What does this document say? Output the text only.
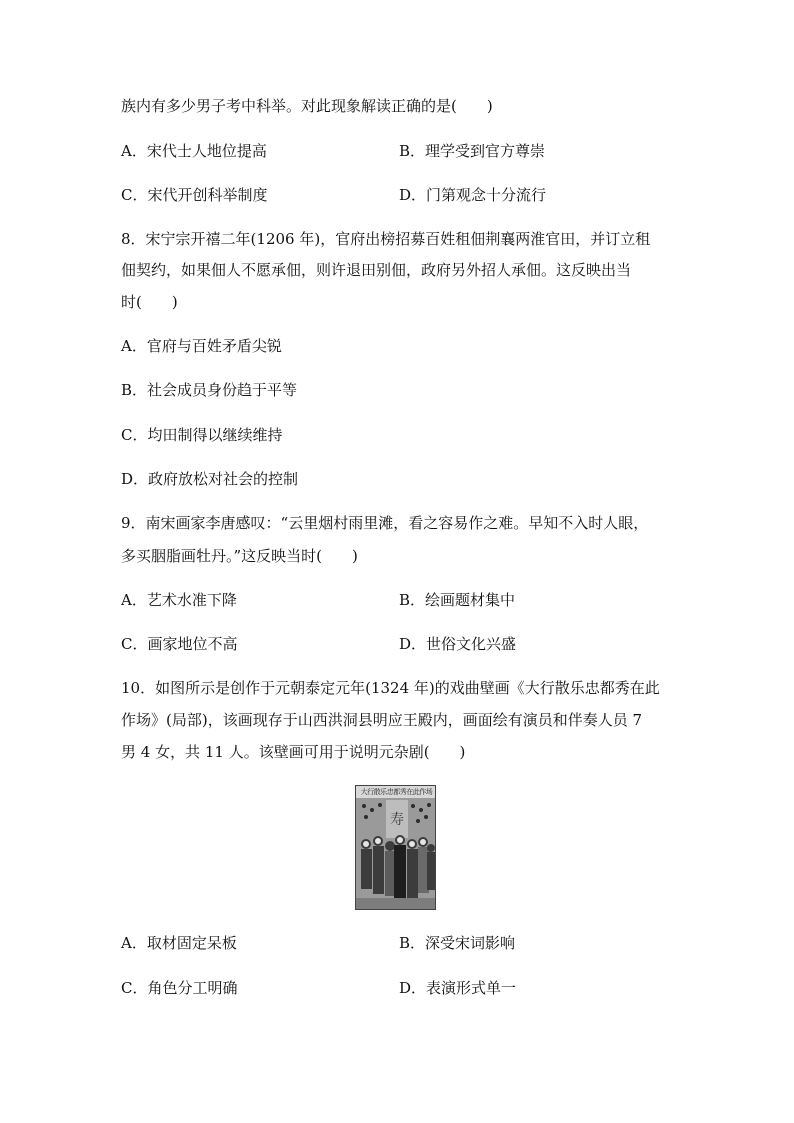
族内有多少男子考中科举。对此现象解读正确的是(　　)
A．宋代士人地位提高	B．理学受到官方尊崇
C．宋代开创科举制度	D．门第观念十分流行
8．宋宁宗开禧二年(1206 年)，官府出榜招募百姓租佃荆襄两淮官田，并订立租
佃契约，如果佃人不愿承佃，则许退田别佃，政府另外招人承佃。这反映出当
时(　　)
A．官府与百姓矛盾尖锐
B．社会成员身份趋于平等
C．均田制得以继续维持
D．政府放松对社会的控制
9．南宋画家李唐感叹：“云里烟村雨里滩，看之容易作之难。早知不入时人眼，
多买胭脂画牡丹。”这反映当时(　　)
A．艺术水准下降	B．绘画题材集中
C．画家地位不高	D．世俗文化兴盛
10．如图所示是创作于元朝泰定元年(1324 年)的戏曲壁画《大行散乐忠都秀在此
作场》(局部)，该画现存于山西洪洞县明应王殿内，画面绘有演员和伴奏人员 7
男 4 女，共 11 人。该壁画可用于说明元杂剧(　　)
寿
大行散乐忠都秀在此作场
A．取材固定呆板	B．深受宋词影响
C．角色分工明确	D．表演形式单一
